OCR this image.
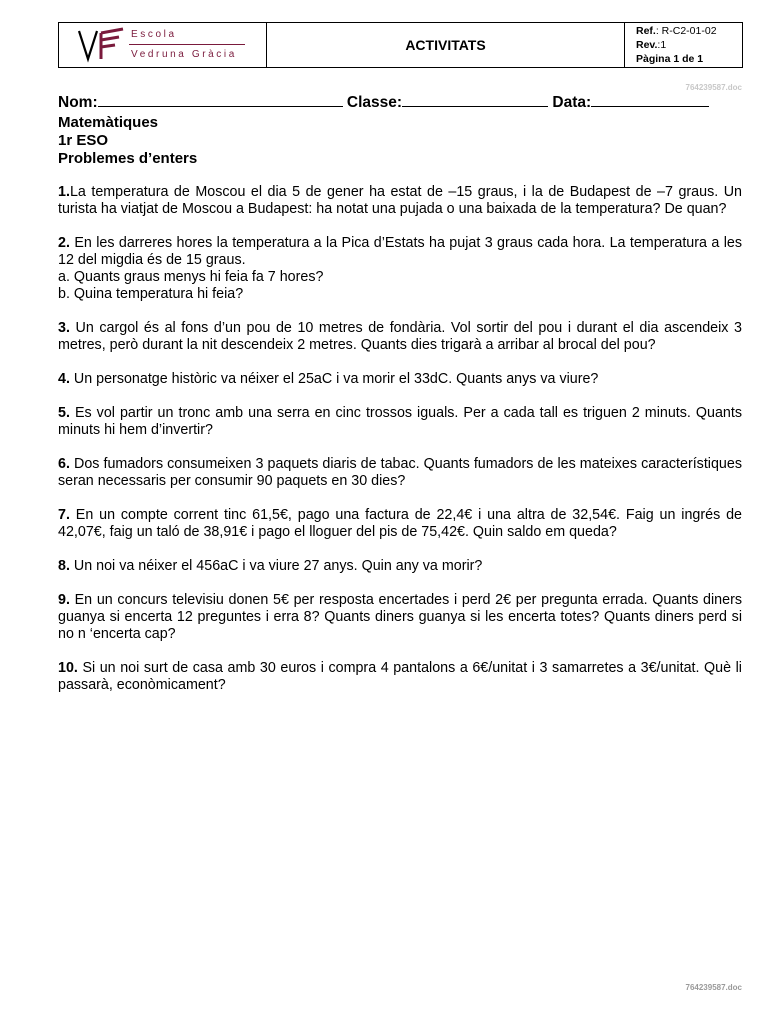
Escola
Vedruna Gràcia
ACTIVITATS
Ref.: R-C2-01-02
Rev.:1
Pàgina 1 de 1
764239587.doc
Nom:	Classe:	Data:
Matemàtiques
1r ESO
Problemes d’enters
1.La temperatura de Moscou el dia 5 de gener ha estat de –15 graus, i la de Budapest de –7 graus. Un turista ha viatjat de Moscou a Budapest: ha notat una pujada o una baixada de la temperatura? De quan?
2. En les darreres hores la temperatura a la Pica d’Estats ha pujat 3 graus cada hora. La temperatura a les 12 del migdia és de 15 graus.
a. Quants graus menys hi feia fa 7 hores?
b. Quina temperatura hi feia?
3. Un cargol és al fons d’un pou de 10 metres de fondària. Vol sortir del pou i durant el dia ascendeix 3 metres, però durant la nit descendeix 2 metres. Quants dies trigarà a arribar al brocal del pou?
4. Un personatge històric va néixer el 25aC i va morir el 33dC. Quants anys va viure?
5. Es vol partir un tronc amb una serra en cinc trossos iguals. Per a cada tall es triguen 2 minuts. Quants minuts hi hem d’invertir?
6. Dos fumadors consumeixen 3 paquets diaris de tabac. Quants fumadors de les mateixes característiques seran necessaris per consumir 90 paquets en 30 dies?
7. En un compte corrent tinc 61,5€, pago una factura de 22,4€ i una altra de 32,54€. Faig un ingrés de 42,07€, faig un taló de 38,91€ i pago el lloguer del pis de 75,42€. Quin saldo em queda?
8. Un noi va néixer el 456aC i va viure 27 anys. Quin any va morir?
9. En un concurs televisiu donen 5€ per resposta encertades i perd 2€ per pregunta errada. Quants diners guanya si encerta 12 preguntes i erra 8? Quants diners guanya si les encerta totes? Quants diners perd si no n ‘encerta cap?
10. Si un noi surt de casa amb 30 euros i compra 4 pantalons a 6€/unitat i 3 samarretes a 3€/unitat. Què li passarà, econòmicament?
764239587.doc
